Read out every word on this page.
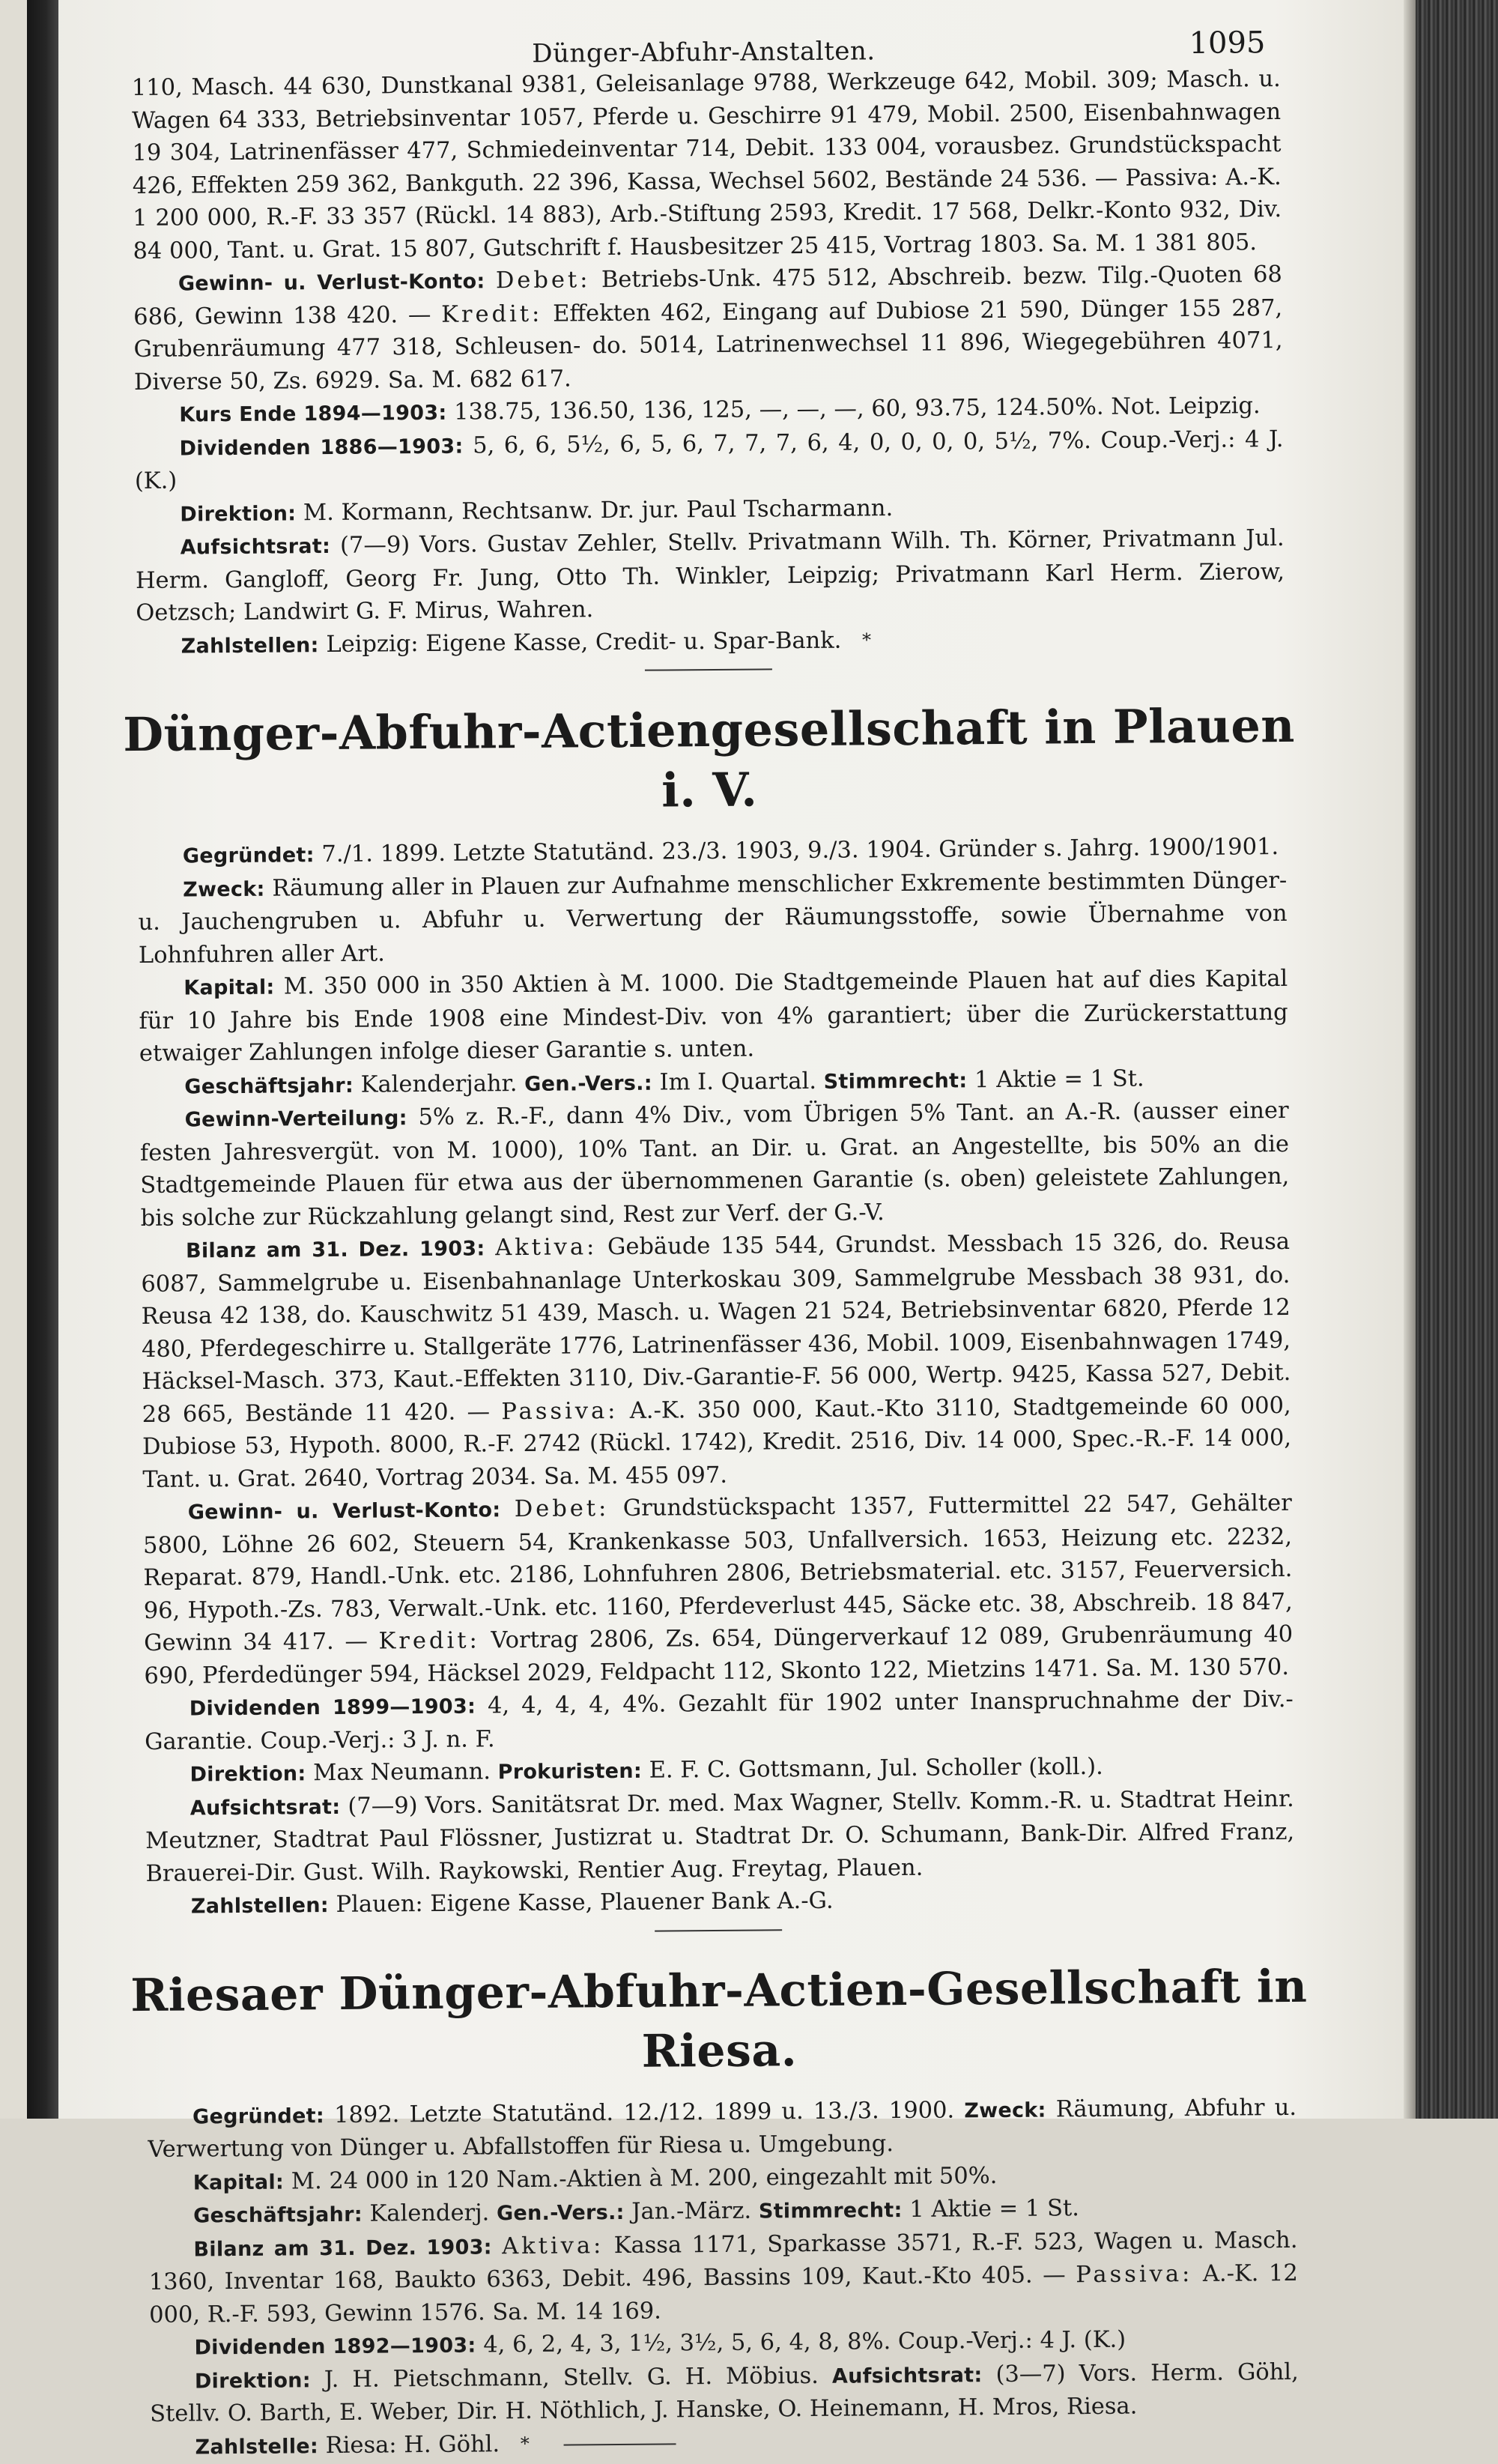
Dünger-Abfuhr-Anstalten.	1095

110, Masch. 44 630, Dunstkanal 9381, Geleisanlage 9788, Werkzeuge 642, Mobil. 309; Masch. u. Wagen 64 333, Betriebsinventar 1057, Pferde u. Geschirre 91 479, Mobil. 2500, Eisenbahnwagen 19 304, Latrinenfässer 477, Schmiedeinventar 714, Debit. 133 004, vorausbez. Grundstückspacht 426, Effekten 259 362, Bankguth. 22 396, Kassa, Wechsel 5602, Bestände 24 536. — Passiva: A.-K. 1 200 000, R.-F. 33 357 (Rückl. 14 883), Arb.-Stiftung 2593, Kredit. 17 568, Delkr.-Konto 932, Div. 84 000, Tant. u. Grat. 15 807, Gutschrift f. Hausbesitzer 25 415, Vortrag 1803. Sa. M. 1 381 805.

Gewinn- u. Verlust-Konto: Debet: Betriebs-Unk. 475 512, Abschreib. bezw. Tilg.-Quoten 68 686, Gewinn 138 420. — Kredit: Effekten 462, Eingang auf Dubiose 21 590, Dünger 155 287, Grubenräumung 477 318, Schleusen- do. 5014, Latrinenwechsel 11 896, Wiegegebühren 4071, Diverse 50, Zs. 6929. Sa. M. 682 617.

Kurs Ende 1894—1903: 138.75, 136.50, 136, 125, —, —, —, 60, 93.75, 124.50%. Not. Leipzig.

Dividenden 1886—1903: 5, 6, 6, 5½, 6, 5, 6, 7, 7, 7, 6, 4, 0, 0, 0, 0, 5½, 7%. Coup.-Verj.: 4 J. (K.)

Direktion: M. Kormann, Rechtsanw. Dr. jur. Paul Tscharmann.

Aufsichtsrat: (7—9) Vors. Gustav Zehler, Stellv. Privatmann Wilh. Th. Körner, Privatmann Jul. Herm. Gangloff, Georg Fr. Jung, Otto Th. Winkler, Leipzig; Privatmann Karl Herm. Zierow, Oetzsch; Landwirt G. F. Mirus, Wahren.

Zahlstellen: Leipzig: Eigene Kasse, Credit- u. Spar-Bank. *

Dünger-Abfuhr-Actiengesellschaft in Plauen i. V.

Gegründet: 7./1. 1899. Letzte Statutänd. 23./3. 1903, 9./3. 1904. Gründer s. Jahrg. 1900/1901.

Zweck: Räumung aller in Plauen zur Aufnahme menschlicher Exkremente bestimmten Dünger- u. Jauchengruben u. Abfuhr u. Verwertung der Räumungsstoffe, sowie Übernahme von Lohnfuhren aller Art.

Kapital: M. 350 000 in 350 Aktien à M. 1000. Die Stadtgemeinde Plauen hat auf dies Kapital für 10 Jahre bis Ende 1908 eine Mindest-Div. von 4% garantiert; über die Zurückerstattung etwaiger Zahlungen infolge dieser Garantie s. unten.

Geschäftsjahr: Kalenderjahr. Gen.-Vers.: Im I. Quartal. Stimmrecht: 1 Aktie = 1 St.

Gewinn-Verteilung: 5% z. R.-F., dann 4% Div., vom Übrigen 5% Tant. an A.-R. (ausser einer festen Jahresvergüt. von M. 1000), 10% Tant. an Dir. u. Grat. an Angestellte, bis 50% an die Stadtgemeinde Plauen für etwa aus der übernommenen Garantie (s. oben) geleistete Zahlungen, bis solche zur Rückzahlung gelangt sind, Rest zur Verf. der G.-V.

Bilanz am 31. Dez. 1903: Aktiva: Gebäude 135 544, Grundst. Messbach 15 326, do. Reusa 6087, Sammelgrube u. Eisenbahnanlage Unterkoskau 309, Sammelgrube Messbach 38 931, do. Reusa 42 138, do. Kauschwitz 51 439, Masch. u. Wagen 21 524, Betriebsinventar 6820, Pferde 12 480, Pferdegeschirre u. Stallgeräte 1776, Latrinenfässer 436, Mobil. 1009, Eisenbahnwagen 1749, Häcksel-Masch. 373, Kaut.-Effekten 3110, Div.-Garantie-F. 56 000, Wertp. 9425, Kassa 527, Debit. 28 665, Bestände 11 420. — Passiva: A.-K. 350 000, Kaut.-Kto 3110, Stadtgemeinde 60 000, Dubiose 53, Hypoth. 8000, R.-F. 2742 (Rückl. 1742), Kredit. 2516, Div. 14 000, Spec.-R.-F. 14 000, Tant. u. Grat. 2640, Vortrag 2034. Sa. M. 455 097.

Gewinn- u. Verlust-Konto: Debet: Grundstückspacht 1357, Futtermittel 22 547, Gehälter 5800, Löhne 26 602, Steuern 54, Krankenkasse 503, Unfallversich. 1653, Heizung etc. 2232, Reparat. 879, Handl.-Unk. etc. 2186, Lohnfuhren 2806, Betriebsmaterial. etc. 3157, Feuerversich. 96, Hypoth.-Zs. 783, Verwalt.-Unk. etc. 1160, Pferdeverlust 445, Säcke etc. 38, Abschreib. 18 847, Gewinn 34 417. — Kredit: Vortrag 2806, Zs. 654, Düngerverkauf 12 089, Grubenräumung 40 690, Pferdedünger 594, Häcksel 2029, Feldpacht 112, Skonto 122, Mietzins 1471. Sa. M. 130 570.

Dividenden 1899—1903: 4, 4, 4, 4, 4%. Gezahlt für 1902 unter Inanspruchnahme der Div.-Garantie. Coup.-Verj.: 3 J. n. F.

Direktion: Max Neumann. Prokuristen: E. F. C. Gottsmann, Jul. Scholler (koll.).

Aufsichtsrat: (7—9) Vors. Sanitätsrat Dr. med. Max Wagner, Stellv. Komm.-R. u. Stadtrat Heinr. Meutzner, Stadtrat Paul Flössner, Justizrat u. Stadtrat Dr. O. Schumann, Bank-Dir. Alfred Franz, Brauerei-Dir. Gust. Wilh. Raykowski, Rentier Aug. Freytag, Plauen.

Zahlstellen: Plauen: Eigene Kasse, Plauener Bank A.-G.

Riesaer Dünger-Abfuhr-Actien-Gesellschaft in Riesa.

Gegründet: 1892. Letzte Statutänd. 12./12. 1899 u. 13./3. 1900. Zweck: Räumung, Abfuhr u. Verwertung von Dünger u. Abfallstoffen für Riesa u. Umgebung.

Kapital: M. 24 000 in 120 Nam.-Aktien à M. 200, eingezahlt mit 50%.

Geschäftsjahr: Kalenderj. Gen.-Vers.: Jan.-März. Stimmrecht: 1 Aktie = 1 St.

Bilanz am 31. Dez. 1903: Aktiva: Kassa 1171, Sparkasse 3571, R.-F. 523, Wagen u. Masch. 1360, Inventar 168, Baukto 6363, Debit. 496, Bassins 109, Kaut.-Kto 405. — Passiva: A.-K. 12 000, R.-F. 593, Gewinn 1576. Sa. M. 14 169.

Dividenden 1892—1903: 4, 6, 2, 4, 3, 1½, 3½, 5, 6, 4, 8, 8%. Coup.-Verj.: 4 J. (K.)

Direktion: J. H. Pietschmann, Stellv. G. H. Möbius. Aufsichtsrat: (3—7) Vors. Herm. Göhl, Stellv. O. Barth, E. Weber, Dir. H. Nöthlich, J. Hanske, O. Heinemann, H. Mros, Riesa.

Zahlstelle: Riesa: H. Göhl. *
